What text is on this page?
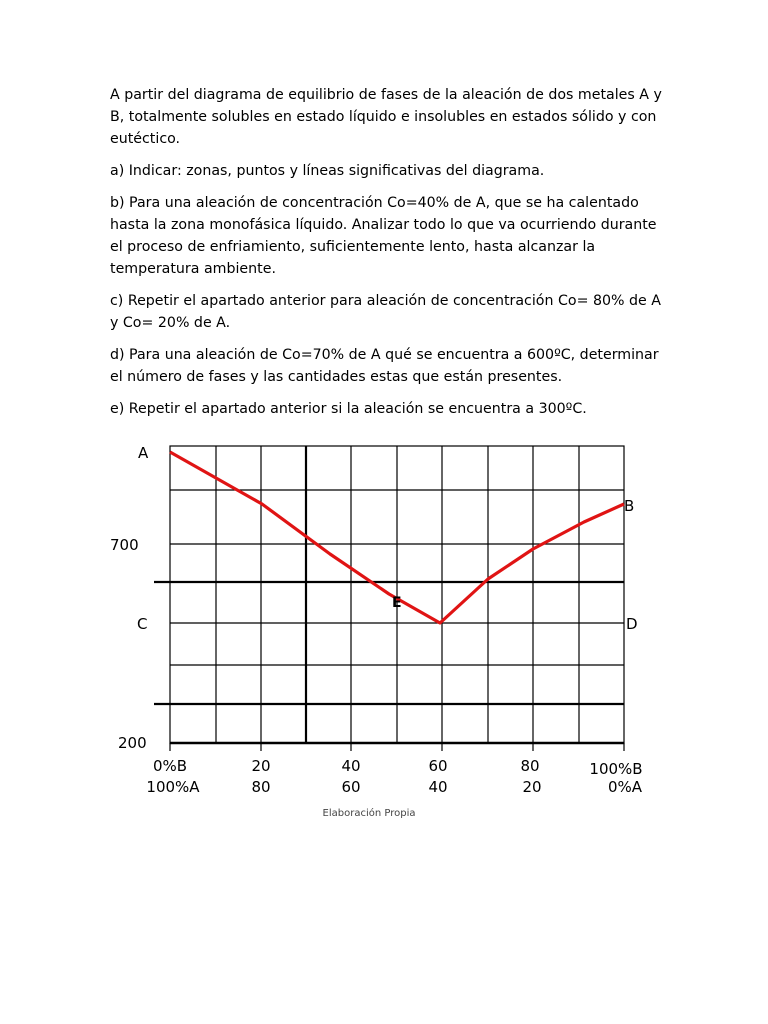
A partir del diagrama de equilibrio de fases de la aleación de dos metales A y B, totalmente solubles en estado líquido e insolubles en estados sólido y con eutéctico.

a) Indicar: zonas, puntos y líneas significativas del diagrama.

b) Para una aleación de concentración Co=40% de A, que se ha calentado hasta la zona monofásica líquido. Analizar todo lo que va ocurriendo durante el proceso de enfriamiento, suficientemente lento, hasta alcanzar la temperatura ambiente.

c) Repetir el apartado anterior para aleación de concentración Co= 80% de A y Co= 20% de A.

d) Para una aleación de Co=70% de A qué se encuentra a 600ºC, determinar el número de fases y las cantidades estas que están presentes.

e) Repetir el apartado anterior si la aleación se encuentra a 300ºC.

A
700
C
200
B
D
E
0%B	20	40	60	80	100%B
100%A	80	60	40	20	0%A
Elaboración Propia
